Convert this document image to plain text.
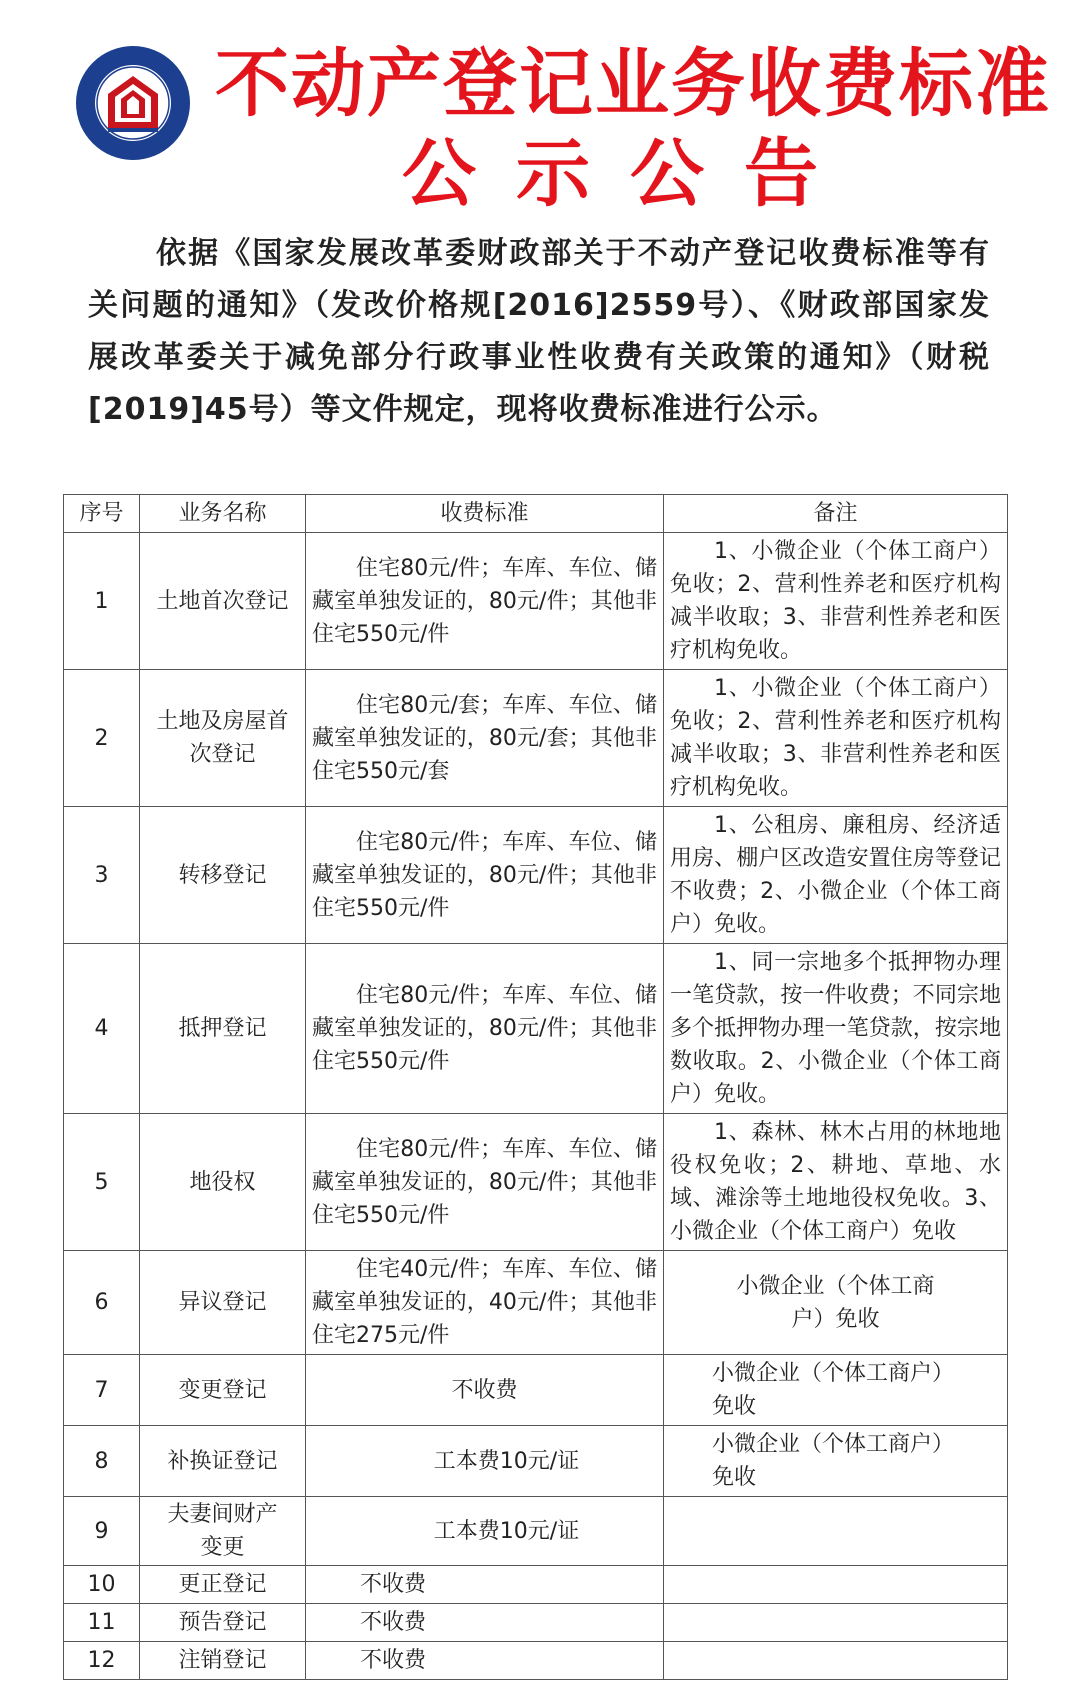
不动产登记业务收费标准
公示公告
依据《国家发展改革委财政部关于不动产登记收费标准等有关问题的通知》（发改价格规[2016]2559号）、《财政部国家发展改革委关于减免部分行政事业性收费有关政策的通知》（财税[2019]45号）等文件规定，现将收费标准进行公示。
序号	业务名称	收费标准	备注
1	土地首次登记	住宅80元/件；车库、车位、储藏室单独发证的，80元/件；其他非住宅550元/件	1、小微企业（个体工商户）免收；2、营利性养老和医疗机构减半收取；3、非营利性养老和医疗机构免收。
2	土地及房屋首次登记	住宅80元/套；车库、车位、储藏室单独发证的，80元/套；其他非住宅550元/套	1、小微企业（个体工商户）免收；2、营利性养老和医疗机构减半收取；3、非营利性养老和医疗机构免收。
3	转移登记	住宅80元/件；车库、车位、储藏室单独发证的，80元/件；其他非住宅550元/件	1、公租房、廉租房、经济适用房、棚户区改造安置住房等登记不收费；2、小微企业（个体工商户）免收。
4	抵押登记	住宅80元/件；车库、车位、储藏室单独发证的，80元/件；其他非住宅550元/件	1、同一宗地多个抵押物办理一笔贷款，按一件收费；不同宗地多个抵押物办理一笔贷款，按宗地数收取。2、小微企业（个体工商户）免收。
5	地役权	住宅80元/件；车库、车位、储藏室单独发证的，80元/件；其他非住宅550元/件	1、森林、林木占用的林地地役权免收；2、耕地、草地、水域、滩涂等土地地役权免收。3、小微企业（个体工商户）免收
6	异议登记	住宅40元/件；车库、车位、储藏室单独发证的，40元/件；其他非住宅275元/件	小微企业（个体工商户）免收
7	变更登记	不收费	小微企业（个体工商户）免收
8	补换证登记	工本费10元/证	小微企业（个体工商户）免收
9	夫妻间财产变更	工本费10元/证	
10	更正登记	不收费	
11	预告登记	不收费	
12	注销登记	不收费	
